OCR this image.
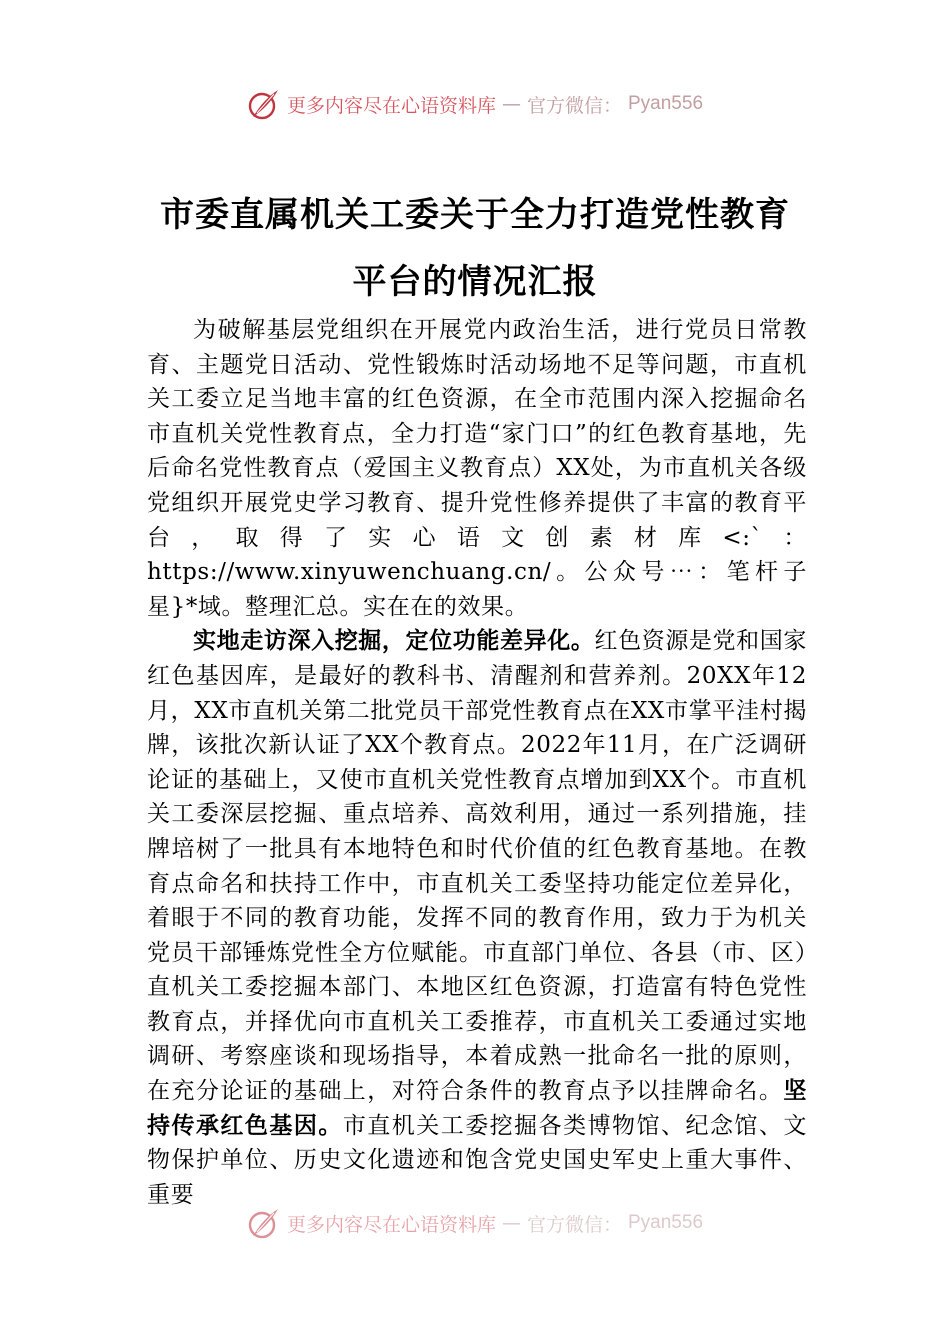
更多内容尽在心语资料库 — 官方微信： Pyan556
市委直属机关工委关于全力打造党性教育
平台的情况汇报

为破解基层党组织在开展党内政治生活，进行党员日常教育、主题党日活动、党性锻炼时活动场地不足等问题，市直机关工委立足当地丰富的红色资源，在全市范围内深入挖掘命名市直机关党性教育点，全力打造“家门口”的红色教育基地，先后命名党性教育点（爱国主义教育点）XX处，为市直机关各级党组织开展党史学习教育、提升党性修养提供了丰富的教育平台，取得了实心语文创素材库<:`：https://www.xinyuwenchuang.cn/。公众号⋯：笔杆子星}*域。整理汇总。实在在的效果。

实地走访深入挖掘，定位功能差异化。红色资源是党和国家红色基因库，是最好的教科书、清醒剂和营养剂。20XX年12月，XX市直机关第二批党员干部党性教育点在XX市掌平洼村揭牌，该批次新认证了XX个教育点。2022年11月，在广泛调研论证的基础上，又使市直机关党性教育点增加到XX个。市直机关工委深层挖掘、重点培养、高效利用，通过一系列措施，挂牌培树了一批具有本地特色和时代价值的红色教育基地。在教育点命名和扶持工作中，市直机关工委坚持功能定位差异化，着眼于不同的教育功能，发挥不同的教育作用，致力于为机关党员干部锤炼党性全方位赋能。市直部门单位、各县（市、区）直机关工委挖掘本部门、本地区红色资源，打造富有特色党性教育点，并择优向市直机关工委推荐，市直机关工委通过实地调研、考察座谈和现场指导，本着成熟一批命名一批的原则，在充分论证的基础上，对符合条件的教育点予以挂牌命名。坚持传承红色基因。市直机关工委挖掘各类博物馆、纪念馆、文物保护单位、历史文化遗迹和饱含党史国史军史上重大事件、重要

更多内容尽在心语资料库 — 官方微信： Pyan556
